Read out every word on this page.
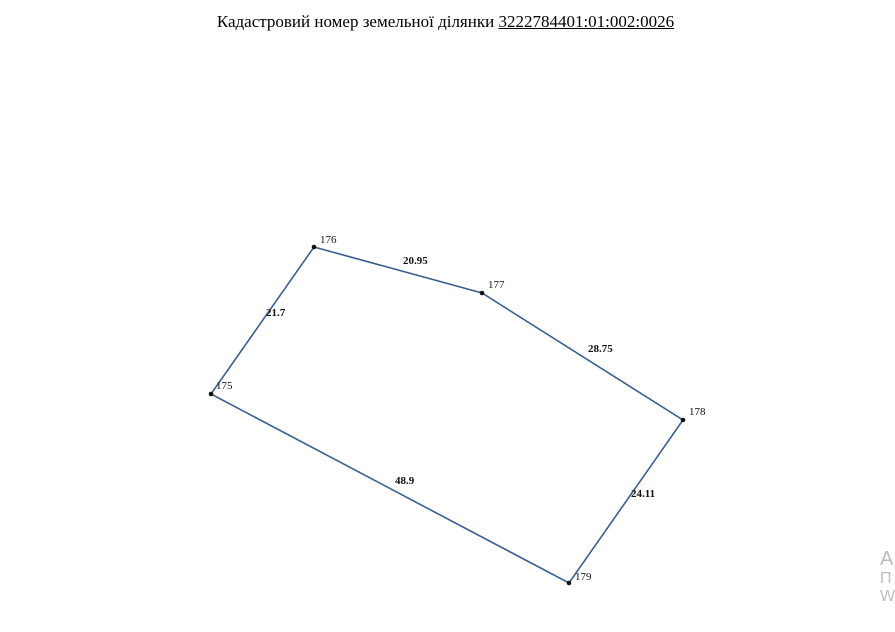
Кадастровий номер земельної ділянки 3222784401:01:002:0026
175
176
177
178
179
21.7
20.95
28.75
24.11
48.9
A
П
W
